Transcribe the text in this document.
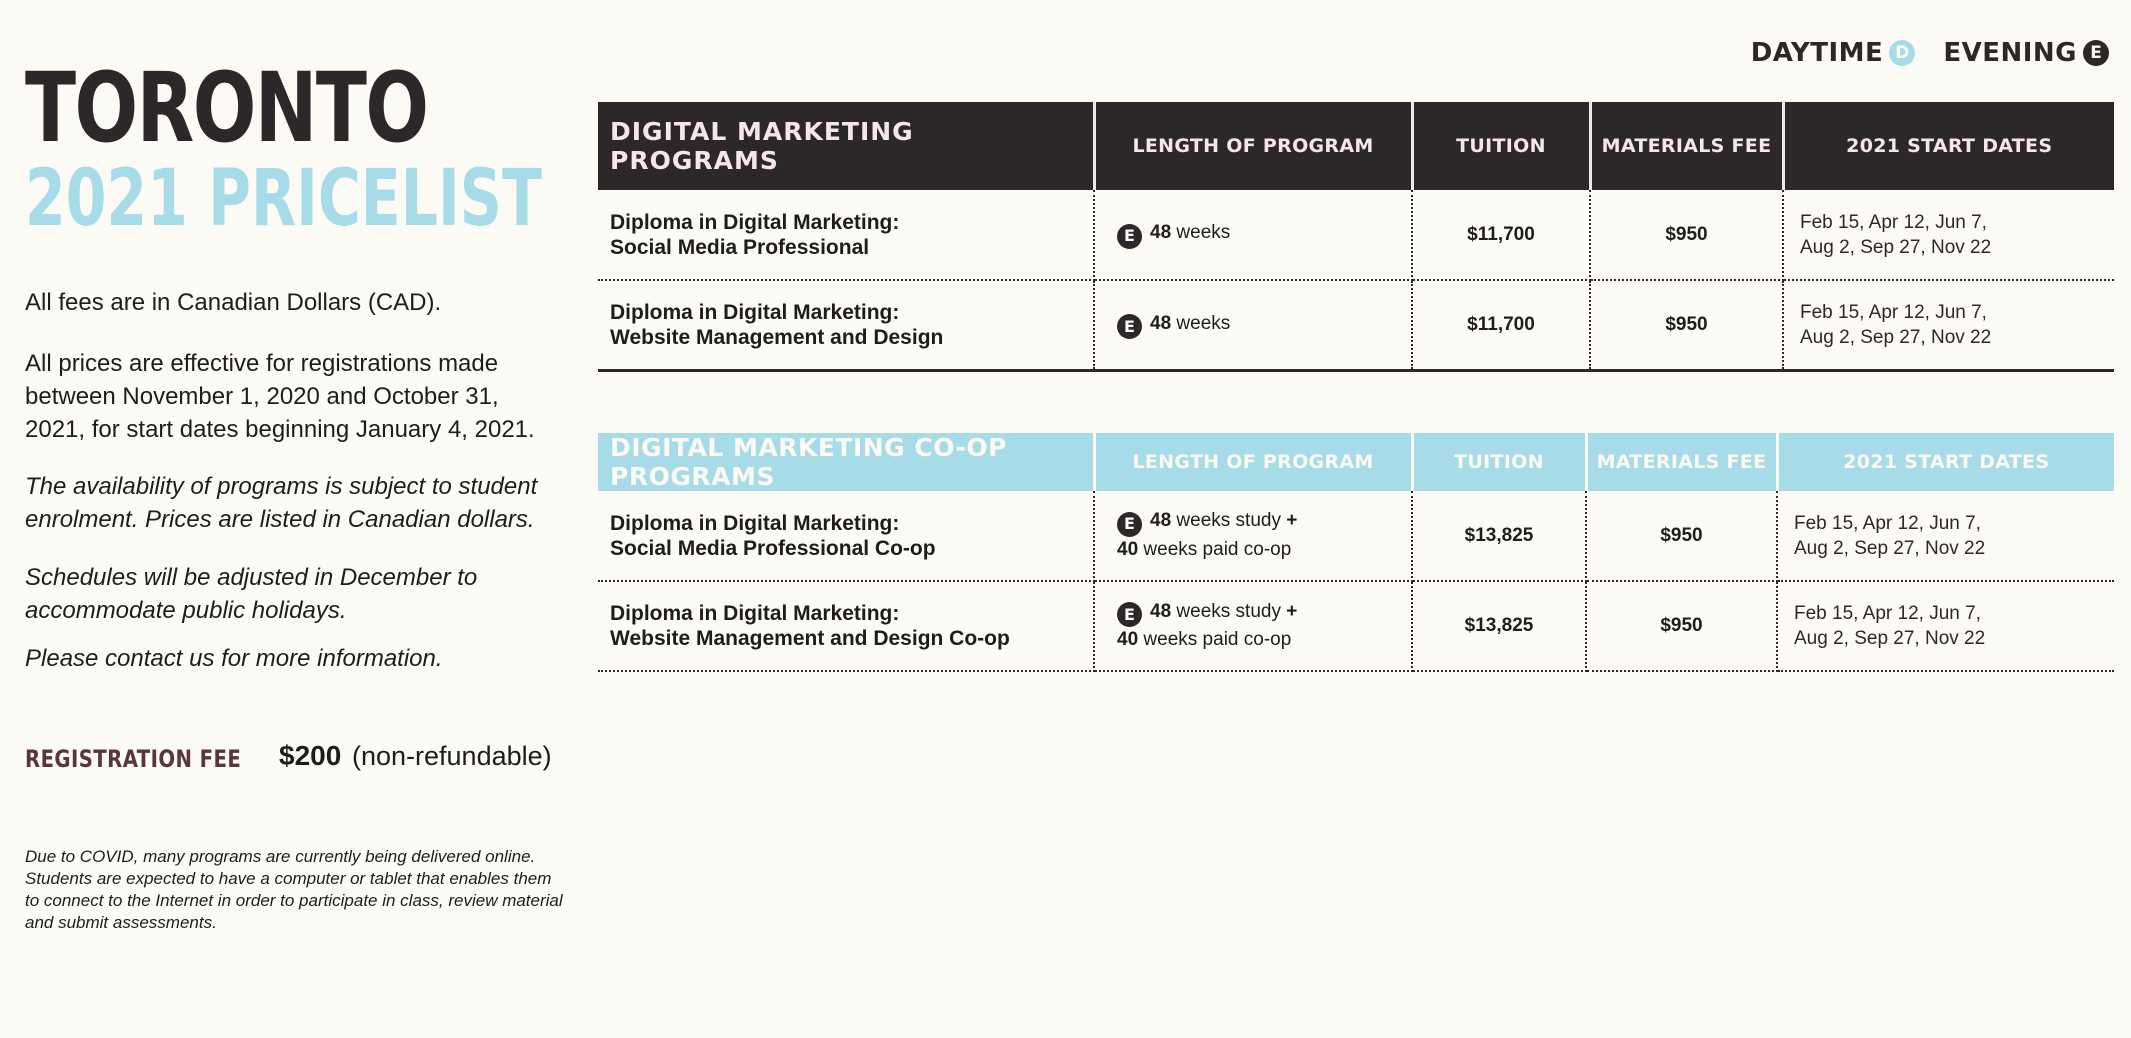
TORONTO
2021 PRICELIST

All fees are in Canadian Dollars (CAD).

All prices are effective for registrations made between November 1, 2020 and October 31, 2021, for start dates beginning January 4, 2021.

The availability of programs is subject to student enrolment. Prices are listed in Canadian dollars.

Schedules will be adjusted in December to accommodate public holidays.

Please contact us for more information.

REGISTRATION FEE $200 (non-refundable)

Due to COVID, many programs are currently being delivered online. Students are expected to have a computer or tablet that enables them to connect to the Internet in order to participate in class, review material and submit assessments.

DAYTIME D EVENING E
DIGITAL MARKETING PROGRAMS	LENGTH OF PROGRAM	TUITION	MATERIALS FEE	2021 START DATES

Diploma in Digital Marketing:
Social Media Professional	E 48 weeks	$11,700	$950	Feb 15, Apr 12, Jun 7,
Aug 2, Sep 27, Nov 22

Diploma in Digital Marketing:
Website Management and Design	E 48 weeks	$11,700	$950	Feb 15, Apr 12, Jun 7,
Aug 2, Sep 27, Nov 22
DIGITAL MARKETING CO-OP PROGRAMS	LENGTH OF PROGRAM	TUITION	MATERIALS FEE	2021 START DATES

Diploma in Digital Marketing:
Social Media Professional Co-op	E 48 weeks study +
40 weeks paid co-op	$13,825	$950	Feb 15, Apr 12, Jun 7,
Aug 2, Sep 27, Nov 22

Diploma in Digital Marketing:
Website Management and Design Co-op	E 48 weeks study +
40 weeks paid co-op	$13,825	$950	Feb 15, Apr 12, Jun 7,
Aug 2, Sep 27, Nov 22
